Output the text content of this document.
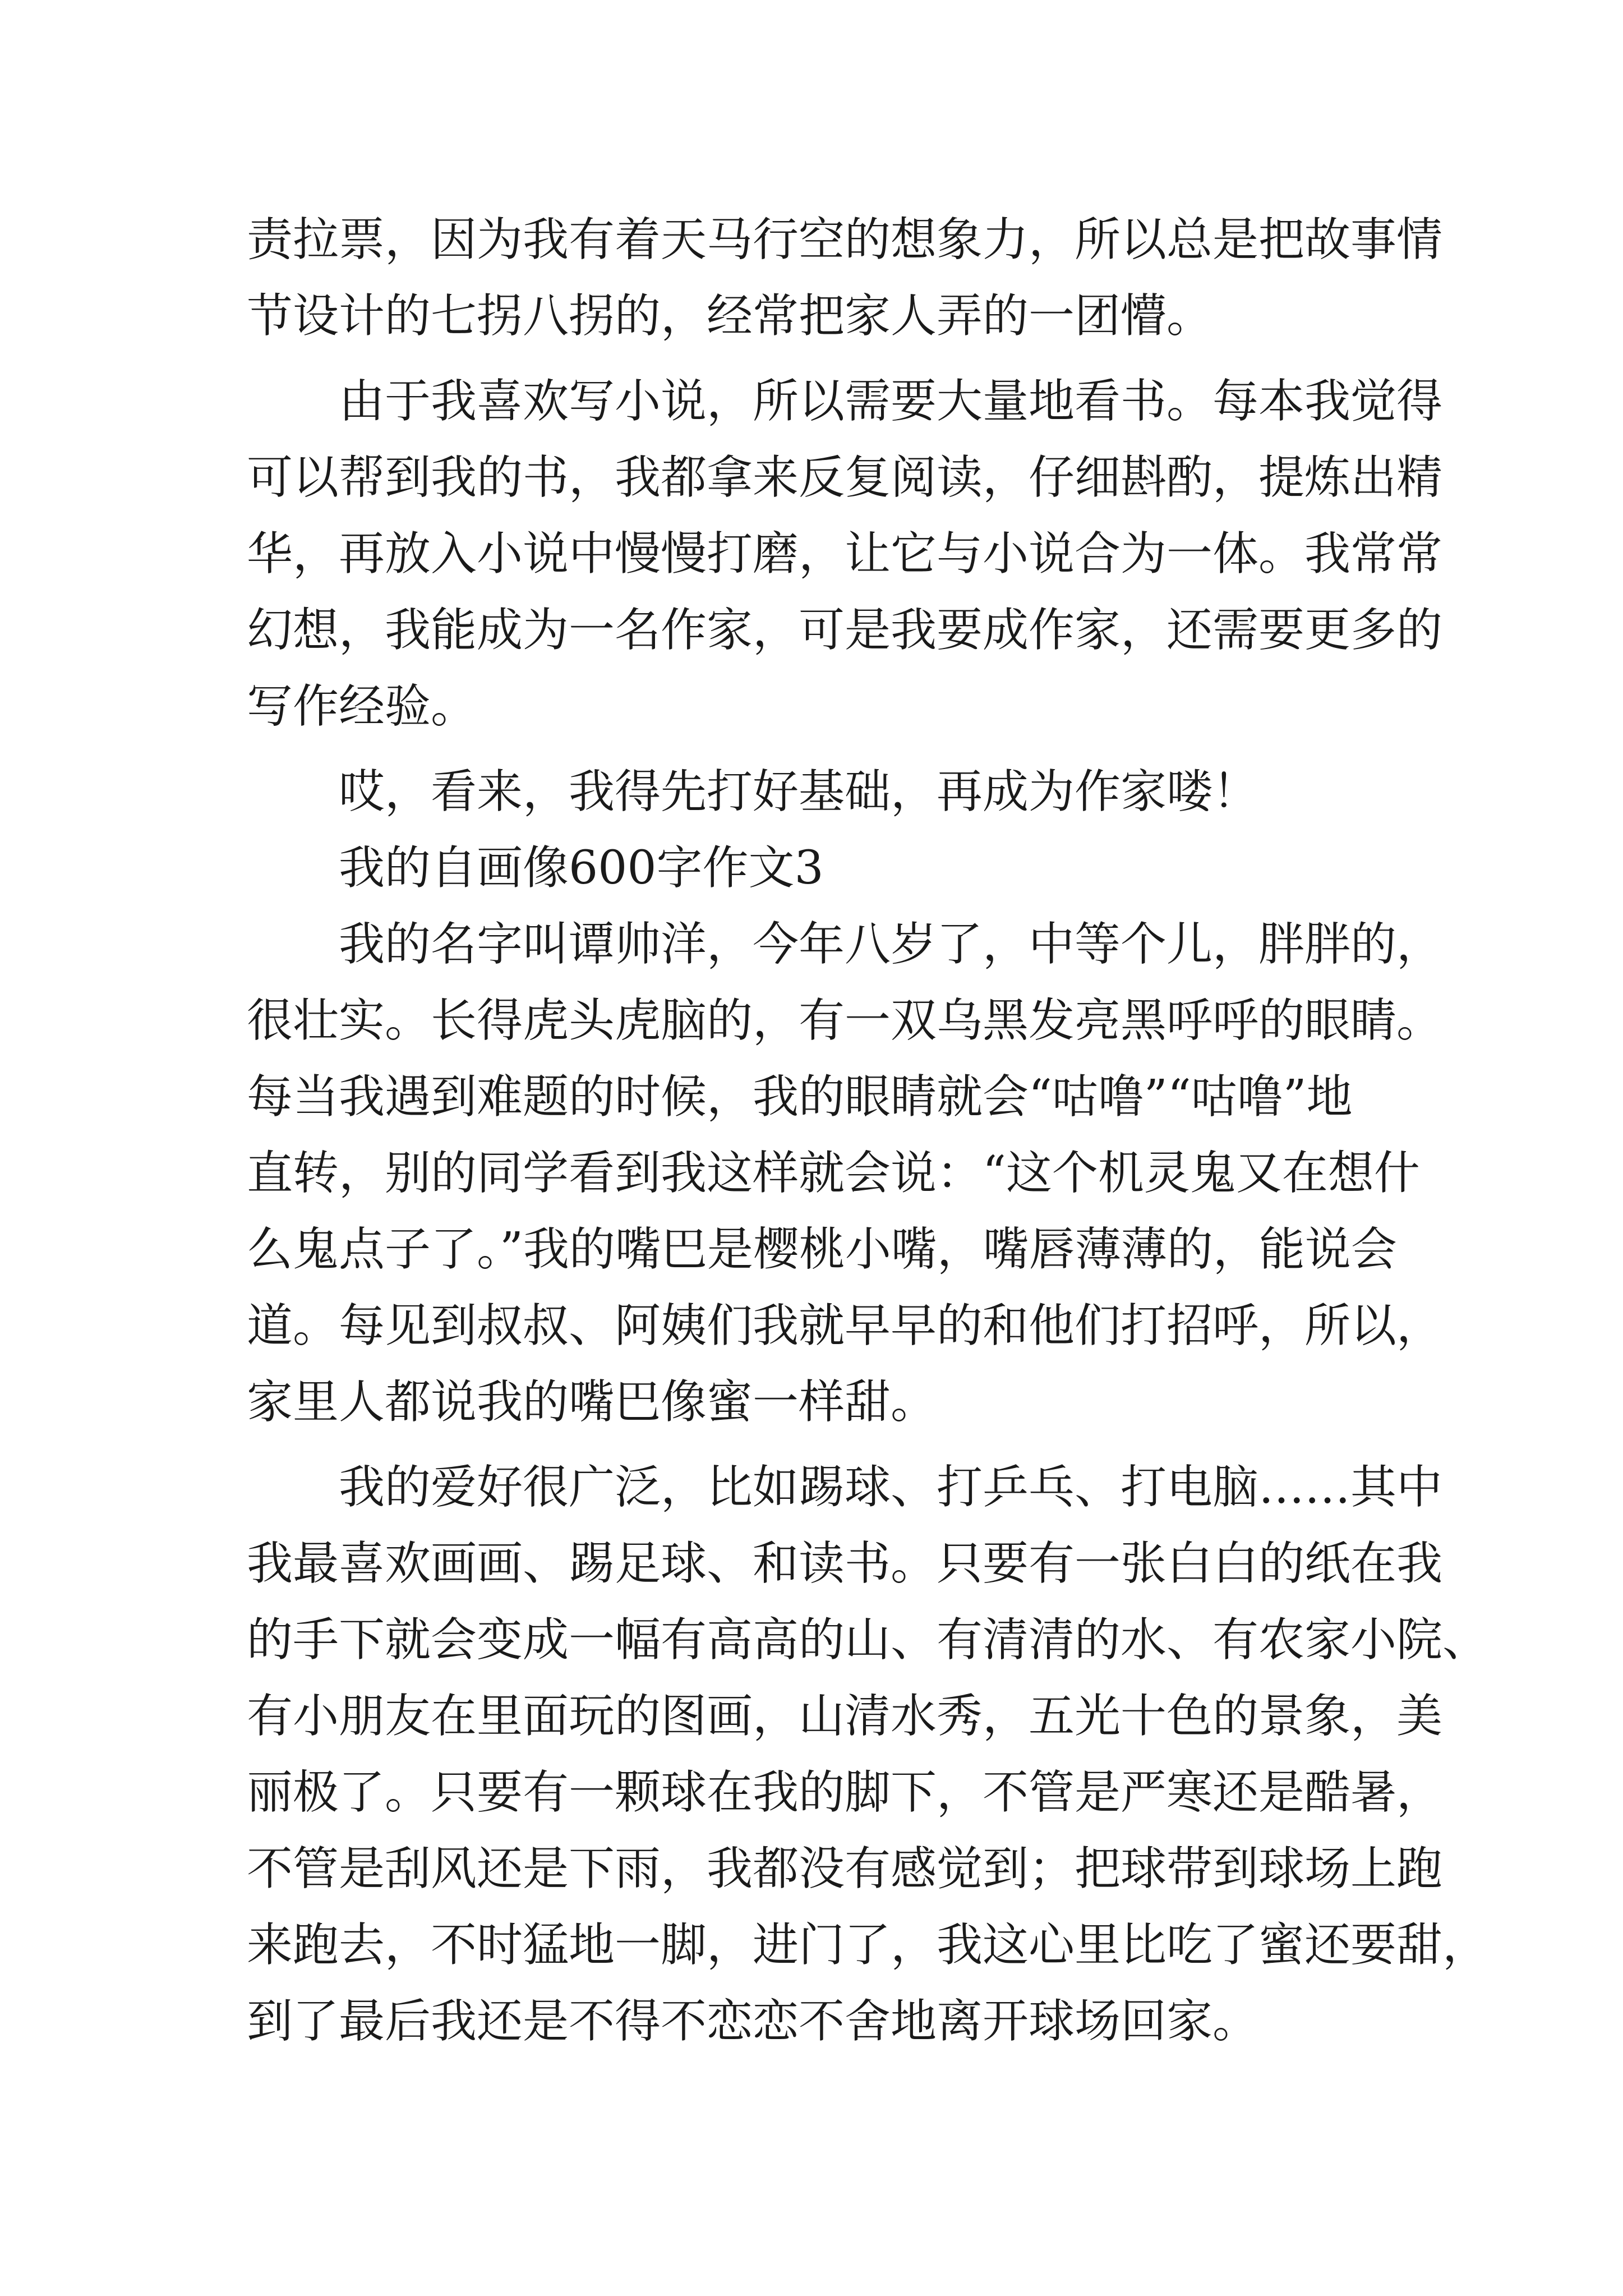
责拉票，因为我有着天马行空的想象力，所以总是把故事情
节设计的七拐八拐的，经常把家人弄的一团懵。
由于我喜欢写小说，所以需要大量地看书。每本我觉得
可以帮到我的书，我都拿来反复阅读，仔细斟酌，提炼出精
华，再放入小说中慢慢打磨，让它与小说合为一体。我常常
幻想，我能成为一名作家，可是我要成作家，还需要更多的
写作经验。
哎，看来，我得先打好基础，再成为作家喽！
我的自画像600字作文3
我的名字叫谭帅洋，今年八岁了，中等个儿，胖胖的，
很壮实。长得虎头虎脑的，有一双乌黑发亮黑呼呼的眼睛。
每当我遇到难题的时候，我的眼睛就会“咕噜”“咕噜”地
直转，别的同学看到我这样就会说：“这个机灵鬼又在想什
么鬼点子了。”我的嘴巴是樱桃小嘴，嘴唇薄薄的，能说会
道。每见到叔叔、阿姨们我就早早的和他们打招呼，所以，
家里人都说我的嘴巴像蜜一样甜。
我的爱好很广泛，比如踢球、打乒乓、打电脑……其中
我最喜欢画画、踢足球、和读书。只要有一张白白的纸在我
的手下就会变成一幅有高高的山、有清清的水、有农家小院、
有小朋友在里面玩的图画，山清水秀，五光十色的景象，美
丽极了。只要有一颗球在我的脚下，不管是严寒还是酷暑，
不管是刮风还是下雨，我都没有感觉到；把球带到球场上跑
来跑去，不时猛地一脚，进门了，我这心里比吃了蜜还要甜，
到了最后我还是不得不恋恋不舍地离开球场回家。
